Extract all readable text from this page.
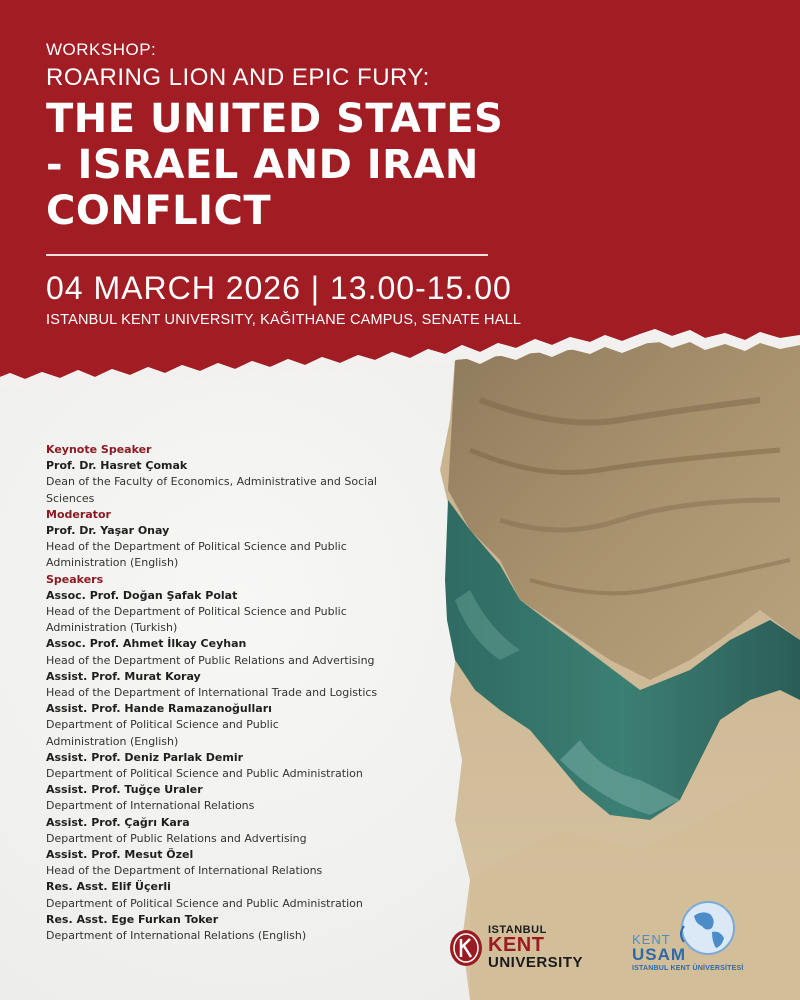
WORKSHOP:
ROARING LION AND EPIC FURY:
THE UNITED STATES - ISRAEL AND IRAN CONFLICT
04 MARCH 2026 | 13.00-15.00
ISTANBUL KENT UNIVERSITY, KAĞITHANE CAMPUS, SENATE HALL
Keynote Speaker
Prof. Dr. Hasret Çomak
Dean of the Faculty of Economics, Administrative and Social Sciences
Moderator
Prof. Dr. Yaşar Onay
Head of the Department of Political Science and Public Administration (English)
Speakers
Assoc. Prof. Doğan Şafak Polat
Head of the Department of Political Science and Public Administration (Turkish)
Assoc. Prof. Ahmet İlkay Ceyhan
Head of the Department of Public Relations and Advertising
Assist. Prof. Murat Koray
Head of the Department of International Trade and Logistics
Assist. Prof. Hande Ramazanoğulları
Department of Political Science and Public Administration (English)
Assist. Prof. Deniz Parlak Demir
Department of Political Science and Public Administration
Assist. Prof. Tuğçe Uraler
Department of International Relations
Assist. Prof. Çağrı Kara
Department of Public Relations and Advertising
Assist. Prof. Mesut Özel
Head of the Department of International Relations
Res. Asst. Elif Üçerli
Department of Political Science and Public Administration
Res. Asst. Ege Furkan Toker
Department of International Relations (English)	ISTANBUL
KENT
UNIVERSITY
KENT
USAM
ISTANBUL KENT ÜNİVERSİTESİ
